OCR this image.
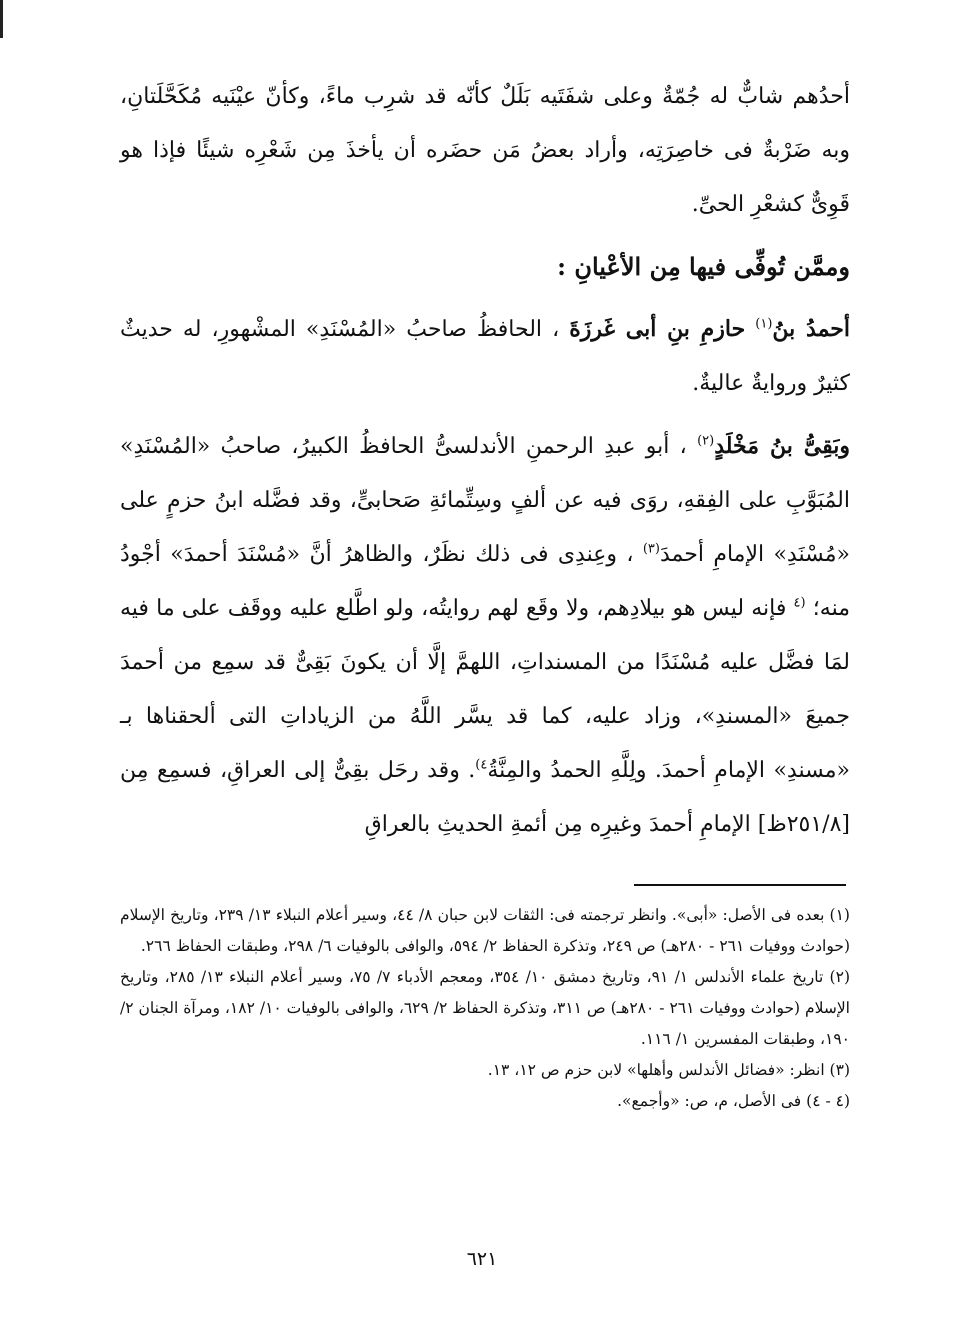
أحدُهم شابٌّ له جُمّةٌ وعلى شفَتَيه بَلَلٌ كأنّه قد شرِب ماءً، وكأنّ عيْنَيه مُكَحَّلَتانِ، وبه ضَرْبةٌ فى خاصِرَتِه، وأراد بعضُ مَن حضَره أن يأخذَ مِن شَعْرِه شيئًا فإذا هو قَوِىٌّ كشعْرِ الحىِّ.

وممَّن تُوفِّى فيها مِن الأعْيانِ :

أحمدُ بنُ$^{(١)}$ حازمِ بنِ أبى غَرزَةَ ، الحافظُ صاحبُ «المُسْنَدِ» المشْهورِ، له حديثٌ كثيرٌ وروايةٌ عاليةٌ.

وبَقِىُّ بنُ مَخْلَدٍ$^{(٢)}$ ، أبو عبدِ الرحمنِ الأندلسىُّ الحافظُ الكبيرُ، صاحبُ «المُسْنَدِ» المُبَوَّبِ على الفِقهِ، روَى فيه عن ألفٍ وسِتِّمائةِ صَحابىٍّ، وقد فضَّله ابنُ حزمٍ على «مُسْنَدِ» الإمامِ أحمدَ$^{(٣)}$ ، وعِندِى فى ذلك نظَرٌ، والظاهرُ أنَّ «مُسْنَدَ أحمدَ» أجْودُ منه؛ $^{(٤}$ فإنه ليس هو بيلادِهم، ولا وقَع لهم روايتُه، ولو اطَّلع عليه ووقَف على ما فيه لمَا فضَّل عليه مُسْنَدًا من المسنداتِ، اللهمَّ إلَّا أن يكونَ بَقِىٌّ قد سمِع من أحمدَ جميعَ «المسندِ»، وزاد عليه، كما قد يسَّر اللَّهُ من الزياداتِ التى ألحقناها بـ «مسندِ» الإمامِ أحمدَ. ولِلَّهِ الحمدُ والمِنَّةُ$^{٤)}$. وقد رحَل بقِىٌّ إلى العراقِ، فسمِع مِن [٢٥١/٨ظ] الإمامِ أحمدَ وغيرِه مِن أئمةِ الحديثِ بالعراقِ

(١) بعده فى الأصل: «أبى». وانظر ترجمته فى: الثقات لابن حبان ٨/ ٤٤، وسير أعلام النبلاء ١٣/ ٢٣٩، وتاريخ الإسلام (حوادث ووفيات ٢٦١ - ٢٨٠هـ) ص ٢٤٩، وتذكرة الحفاظ ٢/ ٥٩٤، والوافى بالوفيات ٦/ ٢٩٨، وطبقات الحفاظ ٢٦٦.

(٢) تاريخ علماء الأندلس ١/ ٩١، وتاريخ دمشق ١٠/ ٣٥٤، ومعجم الأدباء ٧/ ٧٥، وسير أعلام النبلاء ١٣/ ٢٨٥، وتاريخ الإسلام (حوادث ووفيات ٢٦١ - ٢٨٠هـ) ص ٣١١، وتذكرة الحفاظ ٢/ ٦٢٩، والوافى بالوفيات ١٠/ ١٨٢، ومرآة الجنان ٢/ ١٩٠، وطبقات المفسرين ١/ ١١٦.

(٣) انظر: «فضائل الأندلس وأهلها» لابن حزم ص ١٢، ١٣.

(٤ - ٤) فى الأصل، م، ص: «وأجمع».

٦٢١
